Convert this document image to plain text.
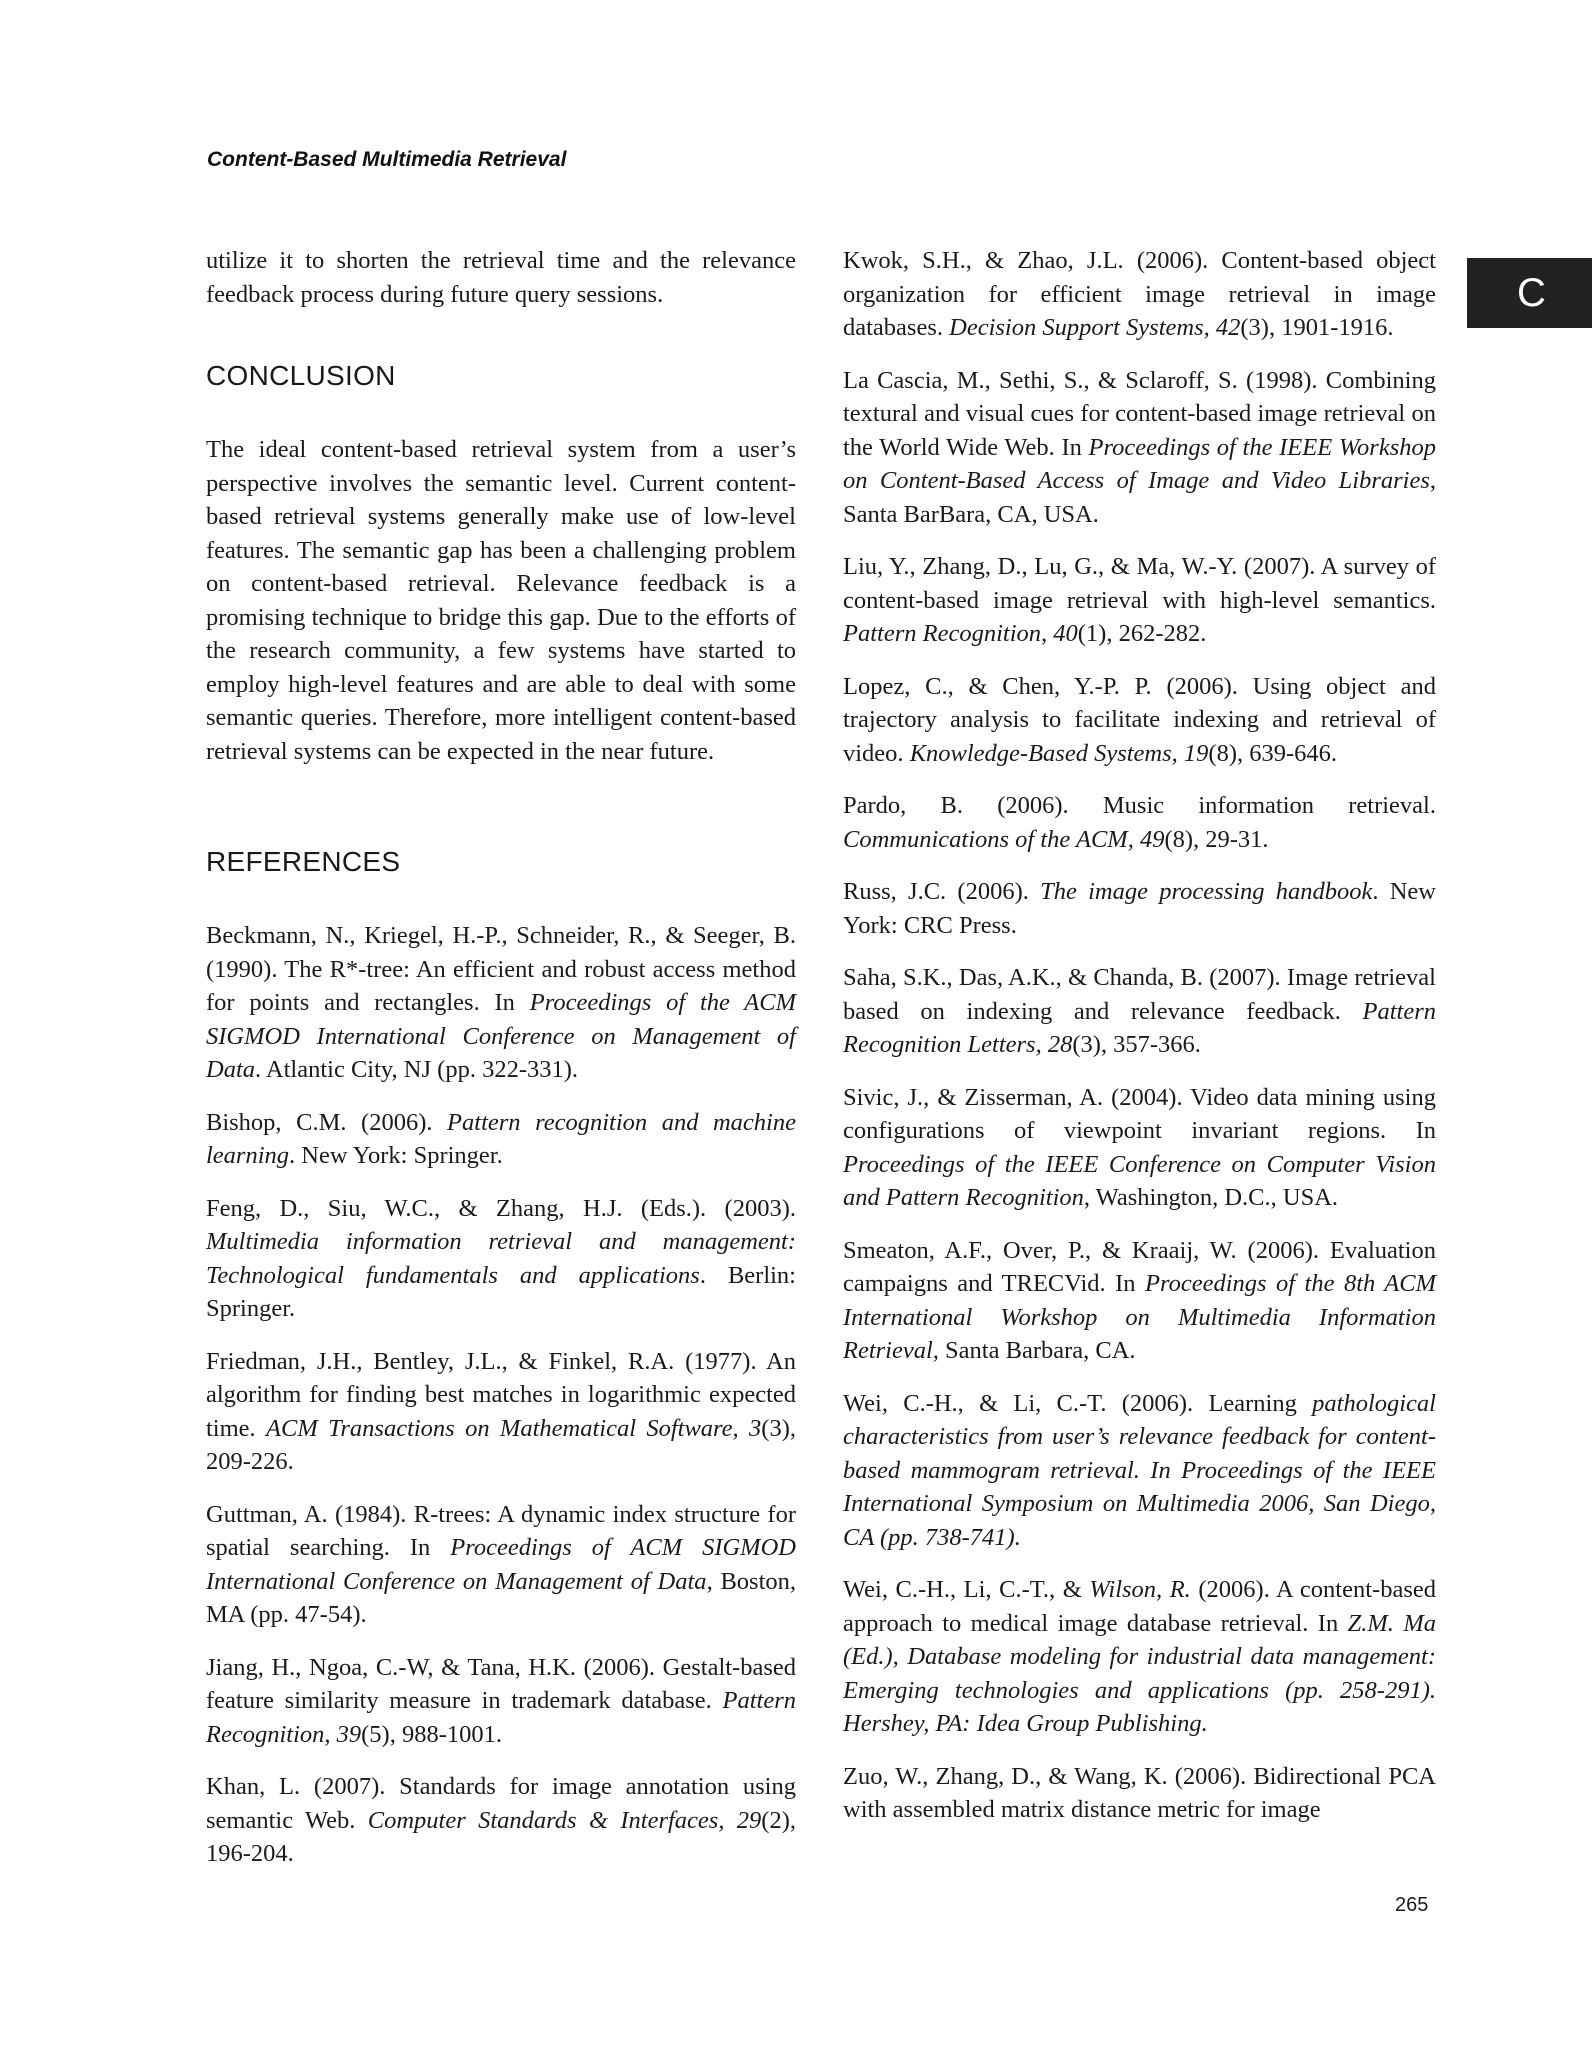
Content-Based Multimedia Retrieval
C

utilize it to shorten the retrieval time and the relevance feedback process during future query sessions.

CONCLUSION

The ideal content-based retrieval system from a user’s perspective involves the semantic level. Current content-based retrieval systems generally make use of low-level features. The semantic gap has been a challenging problem on content-based retrieval. Relevance feedback is a promising technique to bridge this gap. Due to the efforts of the research community, a few systems have started to employ high-level features and are able to deal with some semantic queries. Therefore, more intelligent content-based retrieval systems can be expected in the near future.

REFERENCES

Beckmann, N., Kriegel, H.-P., Schneider, R., & Seeger, B. (1990). The R*-tree: An efficient and robust access method for points and rectangles. In Proceedings of the ACM SIGMOD International Conference on Management of Data. Atlantic City, NJ (pp. 322-331).

Bishop, C.M. (2006). Pattern recognition and machine learning. New York: Springer.

Feng, D., Siu, W.C., & Zhang, H.J. (Eds.). (2003). Multimedia information retrieval and management: Technological fundamentals and applications. Berlin: Springer.

Friedman, J.H., Bentley, J.L., & Finkel, R.A. (1977). An algorithm for finding best matches in logarithmic expected time. ACM Transactions on Mathematical Software, 3(3), 209-226.

Guttman, A. (1984). R-trees: A dynamic index structure for spatial searching. In Proceedings of ACM SIGMOD International Conference on Management of Data, Boston, MA (pp. 47-54).

Jiang, H., Ngoa, C.-W, & Tana, H.K. (2006). Gestalt-based feature similarity measure in trademark database. Pattern Recognition, 39(5), 988-1001.

Khan, L. (2007). Standards for image annotation using semantic Web. Computer Standards & Interfaces, 29(2), 196-204.

Kwok, S.H., & Zhao, J.L. (2006). Content-based object organization for efficient image retrieval in image databases. Decision Support Systems, 42(3), 1901-1916.

La Cascia, M., Sethi, S., & Sclaroff, S. (1998). Combining textural and visual cues for content-based image retrieval on the World Wide Web. In Proceedings of the IEEE Workshop on Content-Based Access of Image and Video Libraries, Santa BarBara, CA, USA.

Liu, Y., Zhang, D., Lu, G., & Ma, W.-Y. (2007). A survey of content-based image retrieval with high-level semantics. Pattern Recognition, 40(1), 262-282.

Lopez, C., & Chen, Y.-P. P. (2006). Using object and trajectory analysis to facilitate indexing and retrieval of video. Knowledge-Based Systems, 19(8), 639-646.

Pardo, B. (2006). Music information retrieval. Communications of the ACM, 49(8), 29-31.

Russ, J.C. (2006). The image processing handbook. New York: CRC Press.

Saha, S.K., Das, A.K., & Chanda, B. (2007). Image retrieval based on indexing and relevance feedback. Pattern Recognition Letters, 28(3), 357-366.

Sivic, J., & Zisserman, A. (2004). Video data mining using configurations of viewpoint invariant regions. In Proceedings of the IEEE Conference on Computer Vision and Pattern Recognition, Washington, D.C., USA.

Smeaton, A.F., Over, P., & Kraaij, W. (2006). Evaluation campaigns and TRECVid. In Proceedings of the 8th ACM International Workshop on Multimedia Information Retrieval, Santa Barbara, CA.

Wei, C.-H., & Li, C.-T. (2006). Learning pathological characteristics from user’s relevance feedback for content-based mammogram retrieval. In Proceedings of the IEEE International Symposium on Multimedia 2006, San Diego, CA (pp. 738-741).

Wei, C.-H., Li, C.-T., & Wilson, R. (2006). A content-based approach to medical image database retrieval. In Z.M. Ma (Ed.), Database modeling for industrial data management: Emerging technologies and applications (pp. 258-291). Hershey, PA: Idea Group Publishing.

Zuo, W., Zhang, D., & Wang, K. (2006). Bidirectional PCA with assembled matrix distance metric for image

265
